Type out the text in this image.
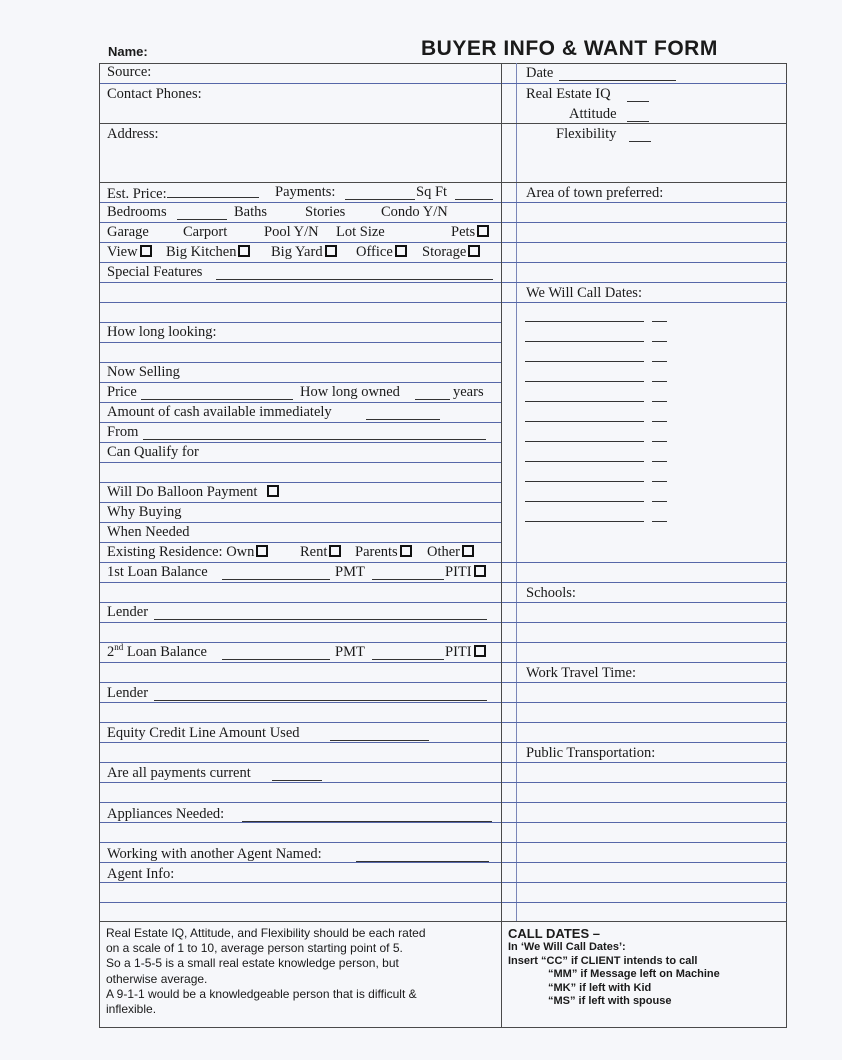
Name:	BUYER INFO & WANT FORM
Source:
Contact Phones:
Address:
Est. Price:	Payments:	Sq Ft
Bedrooms	Baths	Stories Condo Y/N
Garage Carport	Pool Y/N Lot Size	Pets
View Big Kitchen	Big Yard	Office	Storage
Special Features
How long looking:
Now Selling
Price	How long owned	years
Amount of cash available immediately
From
Can Qualify for
Will Do Balloon Payment
Why Buying
When Needed
Existing Residence: Own	Rent	Parents	Other
1st Loan Balance	PMT	PITI
Lender
2nd Loan Balance	PMT	PITI
Lender
Equity Credit Line Amount Used
Are all payments current
Appliances Needed:
Working with another Agent Named:
Agent Info:
Date
Real Estate IQ
Attitude
Flexibility
Area of town preferred:
We Will Call Dates:
Schools:
Work Travel Time:
Public Transportation:
Real Estate IQ, Attitude, and Flexibility should be each rated
on a scale of 1 to 10, average person starting point of 5.
So a 1-5-5 is a small real estate knowledge person, but
otherwise average.
A 9-1-1 would be a knowledgeable person that is difficult &
inflexible.
CALL DATES –
In ‘We Will Call Dates’:
Insert “CC” if CLIENT intends to call
“MM” if Message left on Machine
“MK” if left with Kid
“MS” if left with spouse
